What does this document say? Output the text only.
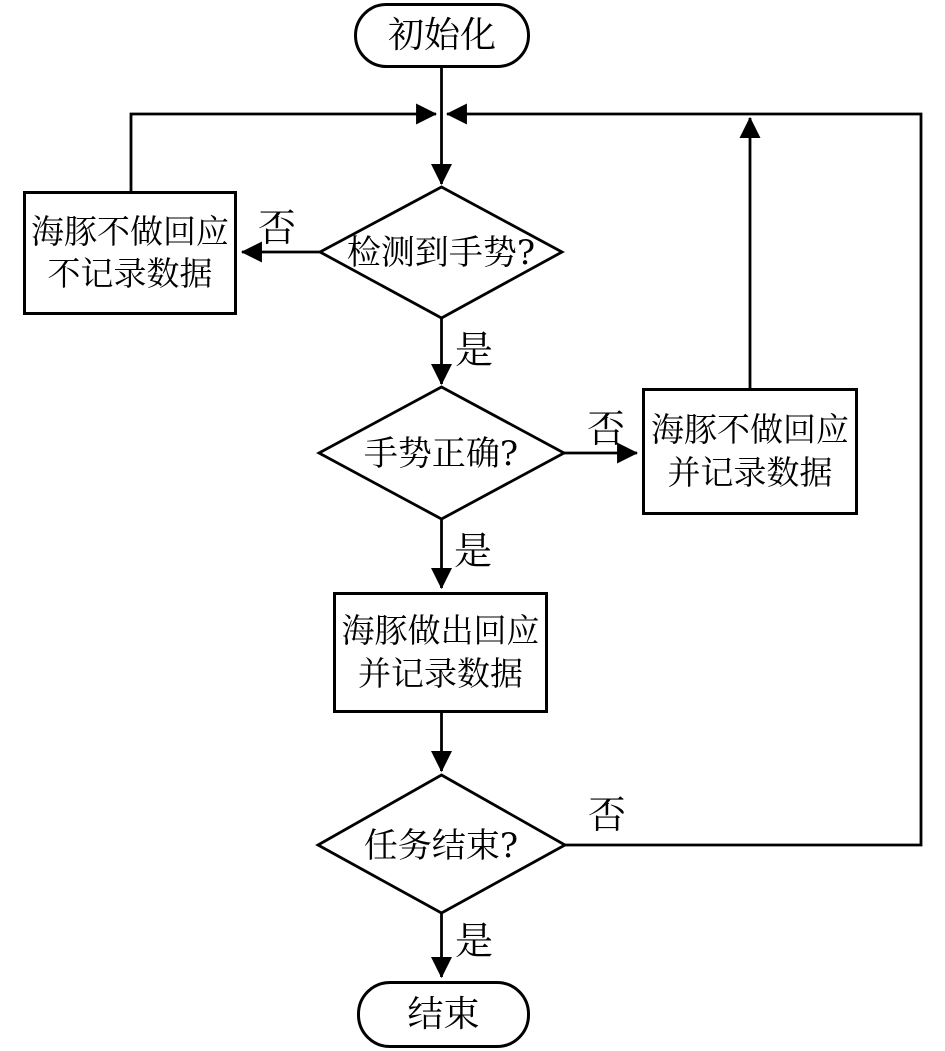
初始化
检测到手势?
海豚不做回应
不记录数据
手势正确?
海豚不做回应
并记录数据
海豚做出回应
并记录数据
任务结束?
结束
否
是
否
是
否
是
